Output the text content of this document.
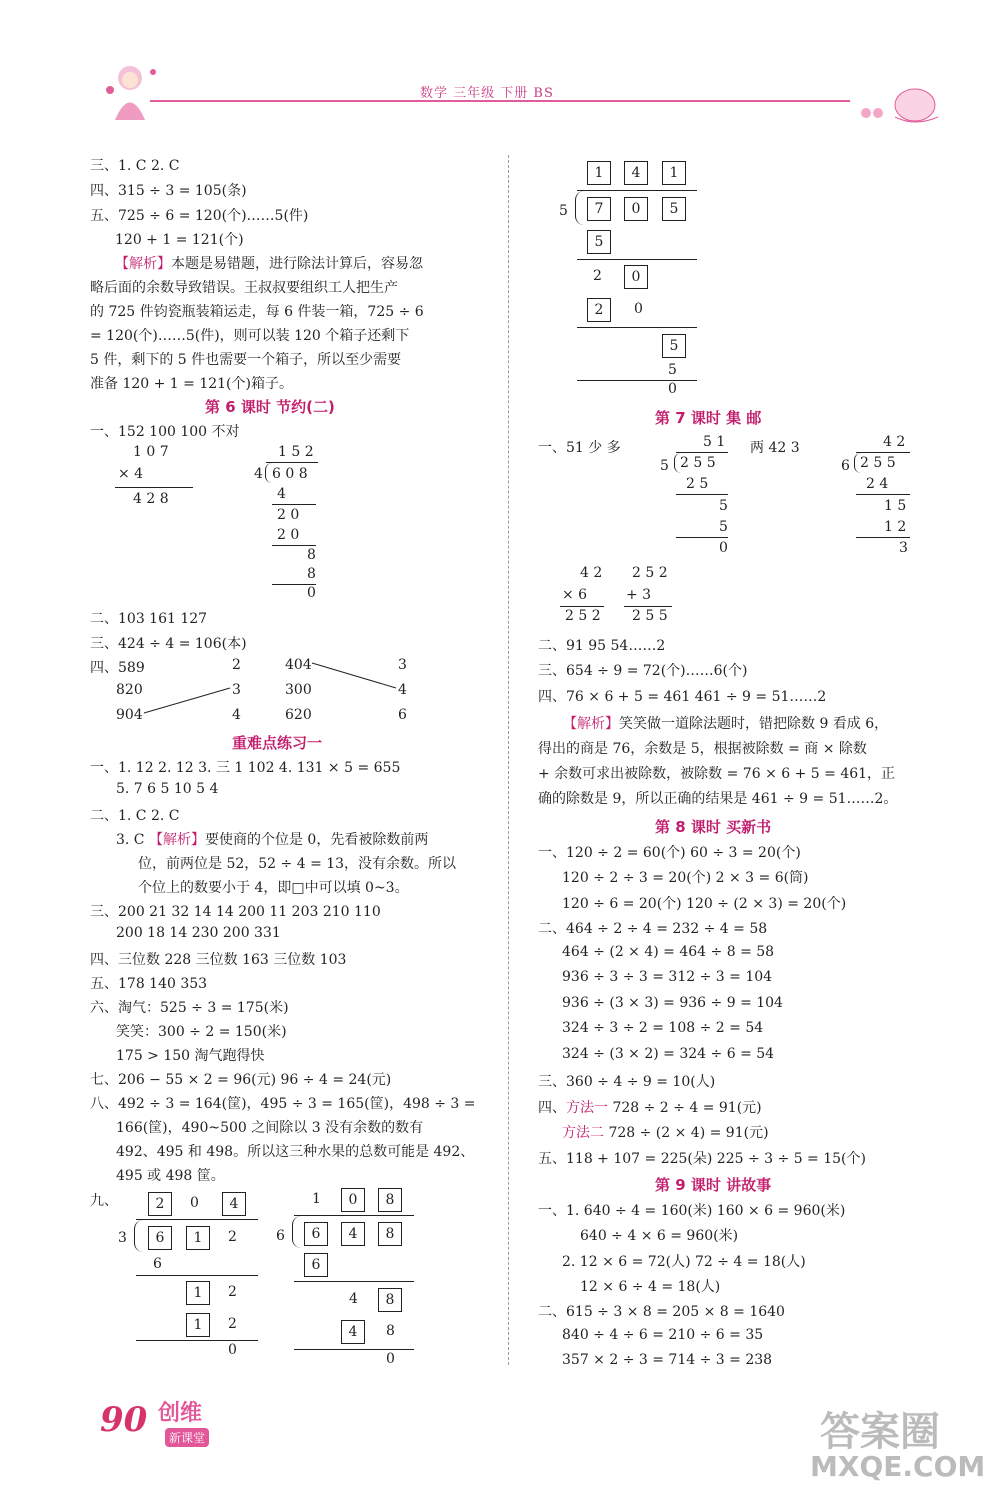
数学 三年级 下册 BS
三、1. C 2. C
四、315 ÷ 3 = 105(条)
五、725 ÷ 6 = 120(个)……5(件)
120 + 1 = 121(个)
【解析】本题是易错题，进行除法计算后，容易忽
略后面的余数导致错误。王叔叔要组织工人把生产
的 725 件钧瓷瓶装箱运走，每 6 件装一箱，725 ÷ 6
= 120(个)……5(件)，则可以装 120 个箱子还剩下
5 件，剩下的 5 件也需要一个箱子，所以至少需要
准备 120 + 1 = 121(个)箱子。
第 6 课时 节约(二)
一、152 100 100 不对
1 0 7
× 4
4 2 8
1 5 2
4 6 0 8
4
2 0
2 0
8
8
0
二、103 161 127
三、424 ÷ 4 = 106(本)
四、589	2	404	3
820	3	300	4
904	4	620	6
重难点练习一
一、1. 12 2. 12 3. 三 1 102 4. 131 × 5 = 655
5. 7 6 5 10 5 4
二、1. C 2. C
3. C 【解析】要使商的个位是 0，先看被除数前两
位，前两位是 52，52 ÷ 4 = 13，没有余数。所以
个位上的数要小于 4，即□中可以填 0~3。
三、200 21 32 14 14 200 11 203 210 110
200 18 14 230 200 331
四、三位数 228 三位数 163 三位数 103
五、178 140 353
六、淘气：525 ÷ 3 = 175(米)
笑笑：300 ÷ 2 = 150(米)
175 > 150 淘气跑得快
七、206 − 55 × 2 = 96(元) 96 ÷ 4 = 24(元)
八、492 ÷ 3 = 164(筐)，495 ÷ 3 = 165(筐)，498 ÷ 3 =
166(筐)，490~500 之间除以 3 没有余数的数有
492、495 和 498。所以这三种水果的总数可能是 492、
495 或 498 筐。
九、	2	0	4
3	6	1	2
6
1	2
1	2
0
1	0	8
6	6	4	8
6
4	8
4	8
0
1	4	1
5	7	0	5
5
2	0
2	0
5
5
0
第 7 课时 集 邮
一、51 少 多	两 42 3
5 1
5 2 5 5
2 5
5
5
0
4 2
6 2 5 5
2 4
1 5
1 2
3
4 2
× 6
2 5 2
2 5 2
+ 3
2 5 5
二、91 95 54……2
三、654 ÷ 9 = 72(个)……6(个)
四、76 × 6 + 5 = 461 461 ÷ 9 = 51……2
【解析】笑笑做一道除法题时，错把除数 9 看成 6，
得出的商是 76，余数是 5，根据被除数 = 商 × 除数
+ 余数可求出被除数，被除数 = 76 × 6 + 5 = 461，正
确的除数是 9，所以正确的结果是 461 ÷ 9 = 51……2。
第 8 课时 买新书
一、120 ÷ 2 = 60(个) 60 ÷ 3 = 20(个)
120 ÷ 2 ÷ 3 = 20(个) 2 × 3 = 6(筒)
120 ÷ 6 = 20(个) 120 ÷ (2 × 3) = 20(个)
二、464 ÷ 2 ÷ 4 = 232 ÷ 4 = 58
464 ÷ (2 × 4) = 464 ÷ 8 = 58
936 ÷ 3 ÷ 3 = 312 ÷ 3 = 104
936 ÷ (3 × 3) = 936 ÷ 9 = 104
324 ÷ 3 ÷ 2 = 108 ÷ 2 = 54
324 ÷ (3 × 2) = 324 ÷ 6 = 54
三、360 ÷ 4 ÷ 9 = 10(人)
四、方法一 728 ÷ 2 ÷ 4 = 91(元)
方法二 728 ÷ (2 × 4) = 91(元)
五、118 + 107 = 225(朵) 225 ÷ 3 ÷ 5 = 15(个)
第 9 课时 讲故事
一、1. 640 ÷ 4 = 160(米) 160 × 6 = 960(米)
640 ÷ 4 × 6 = 960(米)
2. 12 × 6 = 72(人) 72 ÷ 4 = 18(人)
12 × 6 ÷ 4 = 18(人)
二、615 ÷ 3 × 8 = 205 × 8 = 1640
840 ÷ 4 ÷ 6 = 210 ÷ 6 = 35
357 × 2 ÷ 3 = 714 ÷ 3 = 238
90 创维
新课堂	答案圈
MXQE.COM
